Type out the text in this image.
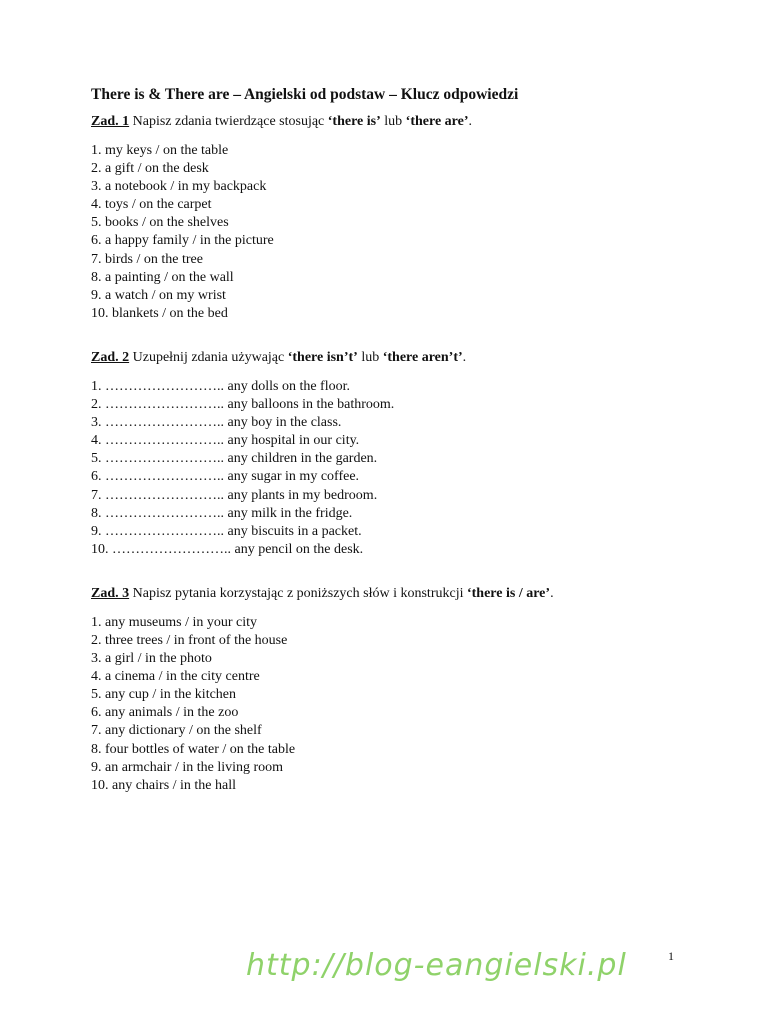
There is & There are – Angielski od podstaw – Klucz odpowiedzi

Zad. 1 Napisz zdania twierdzące stosując ‘there is’ lub ‘there are’.

1. my keys / on the table
2. a gift / on the desk
3. a notebook / in my backpack
4. toys / on the carpet
5. books / on the shelves
6. a happy family / in the picture
7. birds / on the tree
8. a painting / on the wall
9. a watch / on my wrist
10. blankets / on the bed

Zad. 2 Uzupełnij zdania używając ‘there isn’t’ lub ‘there aren’t’.

1. …………………….. any dolls on the floor.
2. …………………….. any balloons in the bathroom.
3. …………………….. any boy in the class.
4. …………………….. any hospital in our city.
5. …………………….. any children in the garden.
6. …………………….. any sugar in my coffee.
7. …………………….. any plants in my bedroom.
8. …………………….. any milk in the fridge.
9. …………………….. any biscuits in a packet.
10. …………………….. any pencil on the desk.

Zad. 3 Napisz pytania korzystając z poniższych słów i konstrukcji ‘there is / are’.

1. any museums / in your city
2. three trees / in front of the house
3. a girl / in the photo
4. a cinema / in the city centre
5. any cup / in the kitchen
6. any animals / in the zoo
7. any dictionary / on the shelf
8. four bottles of water / on the table
9. an armchair / in the living room
10. any chairs / in the hall
1
http://blog-eangielski.pl
